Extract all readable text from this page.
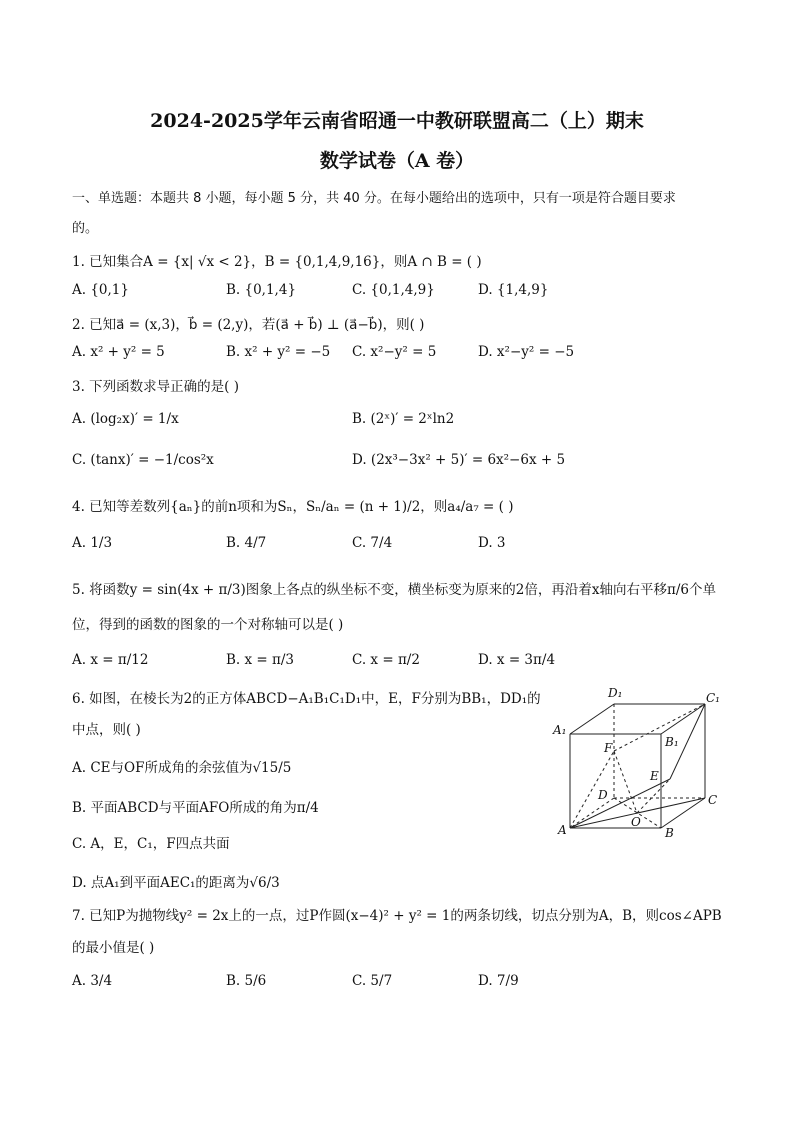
2024-2025学年云南省昭通一中教研联盟高二（上）期末
数学试卷（A 卷）
一、单选题：本题共 8 小题，每小题 5 分，共 40 分。在每小题给出的选项中，只有一项是符合题目要求
的。
1. 已知集合A = {x| √x < 2}，B = {0,1,4,9,16}，则A ∩ B = ( )
A. {0,1}	B. {0,1,4}	C. {0,1,4,9}	D. {1,4,9}
2. 已知a⃗ = (x,3)，b⃗ = (2,y)，若(a⃗ + b⃗) ⊥ (a⃗−b⃗)，则( )
A. x² + y² = 5	B. x² + y² = −5 C. x²−y² = 5	D. x²−y² = −5
3. 下列函数求导正确的是( )
A. (log₂x)′ = 1/x	B. (2ˣ)′ = 2ˣln2
C. (tanx)′ = −1/cos²x	D. (2x³−3x² + 5)′ = 6x²−6x + 5
4. 已知等差数列{aₙ}的前n项和为Sₙ，Sₙ/aₙ = (n + 1)/2，则a₄/a₇ = ( )
A. 1/3	B. 4/7	C. 7/4	D. 3
5. 将函数y = sin(4x + π/3)图象上各点的纵坐标不变，横坐标变为原来的2倍，再沿着x轴向右平移π/6个单
位，得到的函数的图象的一个对称轴可以是( )
A. x = π/12	B. x = π/3	C. x = π/2	D. x = 3π/4
6. 如图，在棱长为2的正方体ABCD−A₁B₁C₁D₁中，E，F分别为BB₁，DD₁的
中点，则( )
A. CE与OF所成角的余弦值为√15/5
B. 平面ABCD与平面AFO所成的角为π/4
C. A，E，C₁，F四点共面
D. 点A₁到平面AEC₁的距离为√6/3
D₁	C₁
A₁
B₁
F
E
D	C
A
O
B
7. 已知P为抛物线y² = 2x上的一点，过P作圆(x−4)² + y² = 1的两条切线，切点分别为A，B，则cos∠APB
的最小值是( )
A. 3/4	B. 5/6	C. 5/7	D. 7/9
